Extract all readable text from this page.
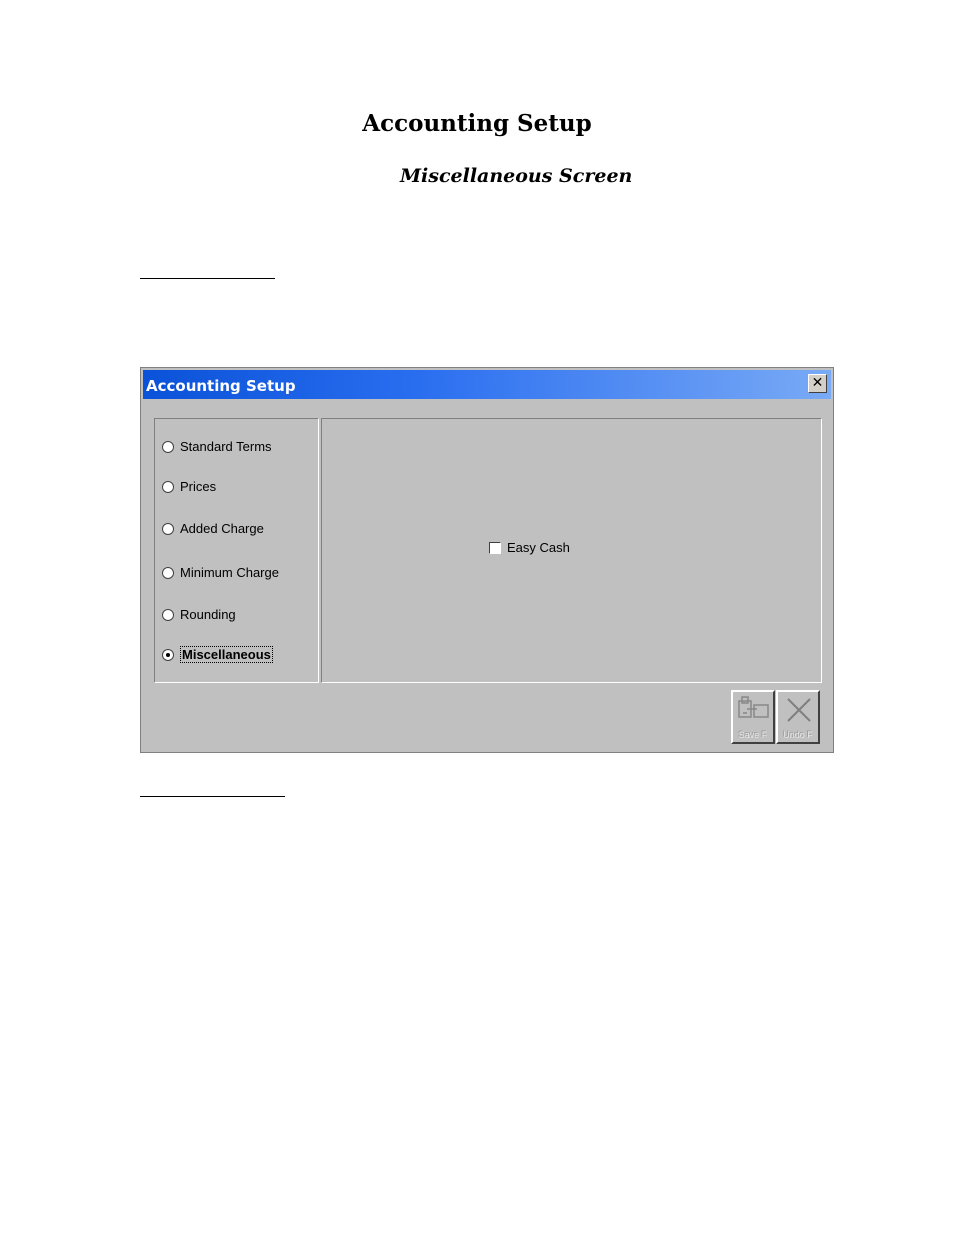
Accounting Setup
Miscellaneous Screen
Accounting Setup	✕
Standard Terms
Prices
Added Charge
Minimum Charge
Rounding
Miscellaneous
Easy Cash
Save F	Undo F
